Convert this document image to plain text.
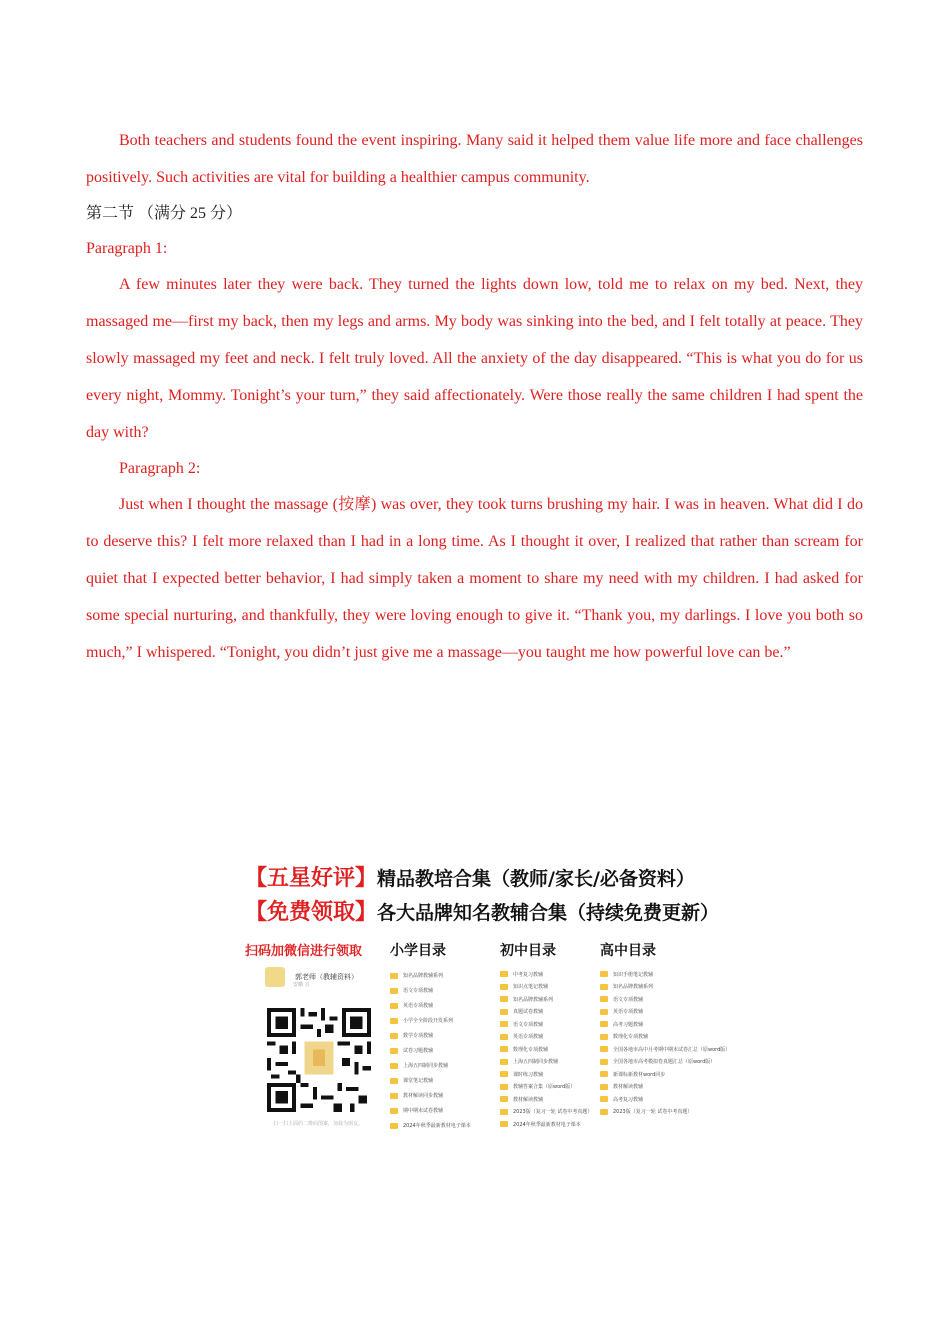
Both teachers and students found the event inspiring. Many said it helped them value life more and face challenges positively. Such activities are vital for building a healthier campus community.

第二节 （满分 25 分）

Paragraph 1:

A few minutes later they were back. They turned the lights down low, told me to relax on my bed. Next, they massaged me—first my back, then my legs and arms. My body was sinking into the bed, and I felt totally at peace. They slowly massaged my feet and neck. I felt truly loved. All the anxiety of the day disappeared. “This is what you do for us every night, Mommy. Tonight’s your turn,” they said affectionately. Were those really the same children I had spent the day with?

Paragraph 2:

Just when I thought the massage (按摩) was over, they took turns brushing my hair. I was in heaven. What did I do to deserve this? I felt more relaxed than I had in a long time. As I thought it over, I realized that rather than scream for quiet that I expected better behavior, I had simply taken a moment to share my need with my children. I had asked for some special nurturing, and thankfully, they were loving enough to give it. “Thank you, my darlings. I love you both so much,” I whispered. “Tonight, you didn’t just give me a massage—you taught me how powerful love can be.”

【五星好评】精品教培合集（教师/家长/必备资料）
【免费领取】各大品牌知名教辅合集（持续免费更新）
扫码加微信进行领取
郭老师（教辅资料）
安徽 宣
扫一扫上面的二维码图案，加我为朋友。
小学目录
知名品牌教辅系列
语文专项教辅
英语专项教辅
小学全全阶段开发系列
数学专项教辅
试卷习题教辅
上海五四制同步教辅
课堂笔记教辅
教材解读同步教辅
期中期末试卷教辅
2024年秋季最新教材电子课本
初中目录
中考复习教辅
知识点笔记教辅
知名品牌教辅系列
真题试卷教辅
语文专项教辅
英语专项教辅
数理化专项教辅
上海五四制同步教辅
课时练习教辅
教辅答案合集（原word版）
教材解读教辅
2023版（复习一轮 试卷中考真题）
2024年秋季最新教材电子课本
高中目录
知识手册笔记教辅
知名品牌教辅系列
语文专项教辅
英语专项教辅
高考习题教辅
数理化专项教辅
全国各地市高中月考期中期末试卷汇总（原word版）
全国各地市高考模拟卷真题汇总（原word版）
新课标新教材word同步
教材解读教辅
高考复习教辅
2023版（复习一轮 试卷中考真题）
